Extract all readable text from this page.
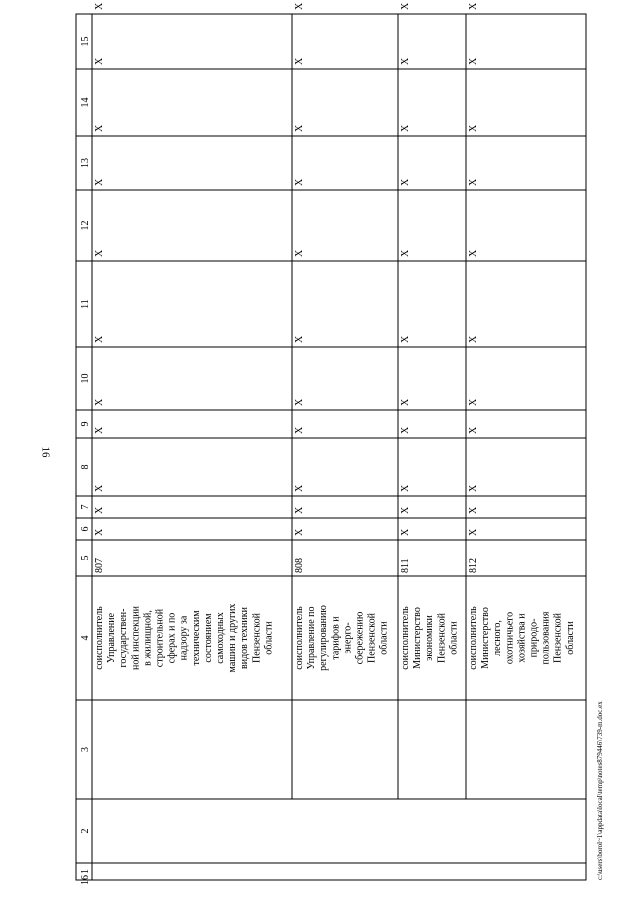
16
1
2
3
4
5
6
7
8
9
10
11
12
13
14
15
16
соисполнитель Управление государствен- ной инспекции в жилищной, строительной сферах и по надзору за техническим состоянием самоходных машин и других видов техники Пензенской области
807
X
X
X
X
X
X
X
X
X
X
X
соисполнитель Управление по регулированию тарифов и энерго- сбережению Пензенской области
808
X
X
X
X
X
X
X
X
X
X
X
соисполнитель Министерство экономики Пензенской области
811
X
X
X
X
X
X
X
X
X
X
X
соисполнитель Министерство лесного, охотничьего хозяйства и природо- пользования Пензенской области
812
X
X
X
X
X
X
X
X
X
X
X
c:\users\borol~1\appdata\local\temp\notes879446\739-m.doc.ex
